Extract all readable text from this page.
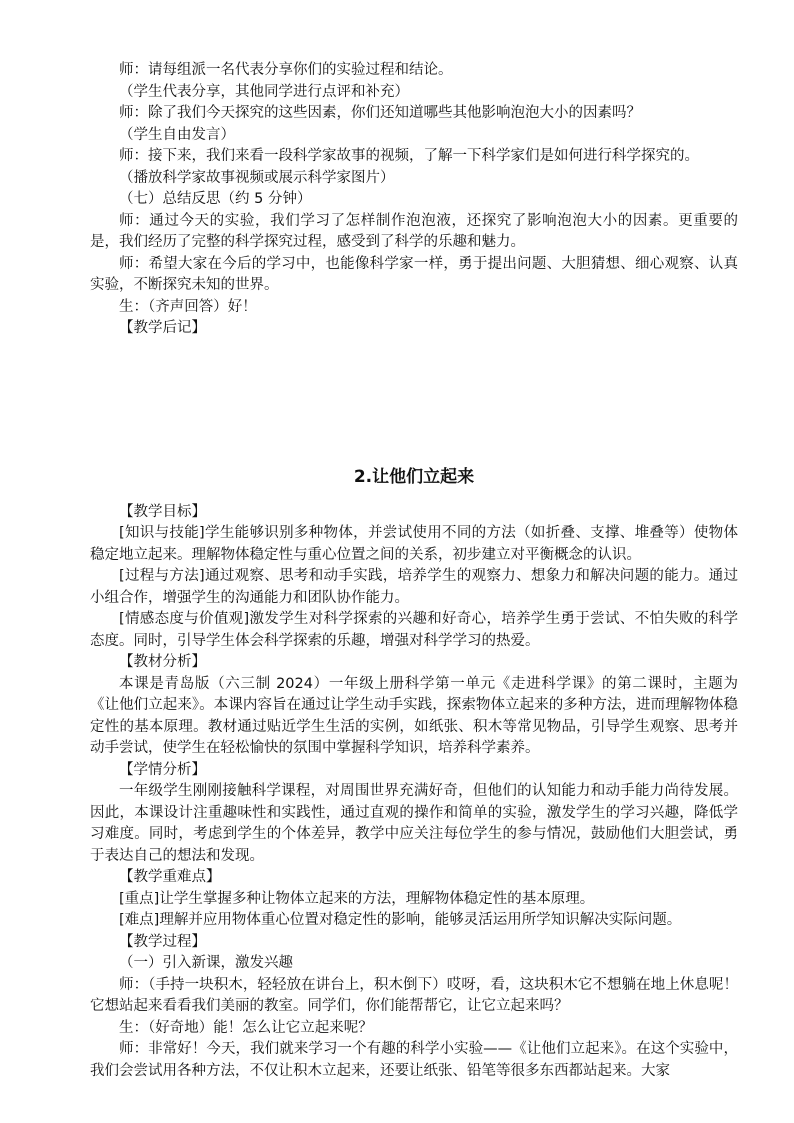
师：请每组派一名代表分享你们的实验过程和结论。

（学生代表分享，其他同学进行点评和补充）

师：除了我们今天探究的这些因素，你们还知道哪些其他影响泡泡大小的因素吗？

（学生自由发言）

师：接下来，我们来看一段科学家故事的视频，了解一下科学家们是如何进行科学探究的。

（播放科学家故事视频或展示科学家图片）

（七）总结反思（约 5 分钟）

师：通过今天的实验，我们学习了怎样制作泡泡液，还探究了影响泡泡大小的因素。更重要的是，我们经历了完整的科学探究过程，感受到了科学的乐趣和魅力。

师：希望大家在今后的学习中，也能像科学家一样，勇于提出问题、大胆猜想、细心观察、认真实验，不断探究未知的世界。

生：（齐声回答）好！

【教学后记】

2.让他们立起来

【教学目标】

[知识与技能]学生能够识别多种物体，并尝试使用不同的方法（如折叠、支撑、堆叠等）使物体稳定地立起来。理解物体稳定性与重心位置之间的关系，初步建立对平衡概念的认识。

[过程与方法]通过观察、思考和动手实践，培养学生的观察力、想象力和解决问题的能力。通过小组合作，增强学生的沟通能力和团队协作能力。

[情感态度与价值观]激发学生对科学探索的兴趣和好奇心，培养学生勇于尝试、不怕失败的科学态度。同时，引导学生体会科学探索的乐趣，增强对科学学习的热爱。

【教材分析】

本课是青岛版（六三制 2024）一年级上册科学第一单元《走进科学课》的第二课时，主题为《让他们立起来》。本课内容旨在通过让学生动手实践，探索物体立起来的多种方法，进而理解物体稳定性的基本原理。教材通过贴近学生生活的实例，如纸张、积木等常见物品，引导学生观察、思考并动手尝试，使学生在轻松愉快的氛围中掌握科学知识，培养科学素养。

【学情分析】

一年级学生刚刚接触科学课程，对周围世界充满好奇，但他们的认知能力和动手能力尚待发展。因此，本课设计注重趣味性和实践性，通过直观的操作和简单的实验，激发学生的学习兴趣，降低学习难度。同时，考虑到学生的个体差异，教学中应关注每位学生的参与情况，鼓励他们大胆尝试，勇于表达自己的想法和发现。

【教学重难点】

[重点]让学生掌握多种让物体立起来的方法，理解物体稳定性的基本原理。

[难点]理解并应用物体重心位置对稳定性的影响，能够灵活运用所学知识解决实际问题。

【教学过程】

（一）引入新课，激发兴趣

师：（手持一块积木，轻轻放在讲台上，积木倒下）哎呀，看，这块积木它不想躺在地上休息呢！它想站起来看看我们美丽的教室。同学们，你们能帮帮它，让它立起来吗？

生：（好奇地）能！怎么让它立起来呢？

师：非常好！今天，我们就来学习一个有趣的科学小实验——《让他们立起来》。在这个实验中，我们会尝试用各种方法，不仅让积木立起来，还要让纸张、铅笔等很多东西都站起来。大家
